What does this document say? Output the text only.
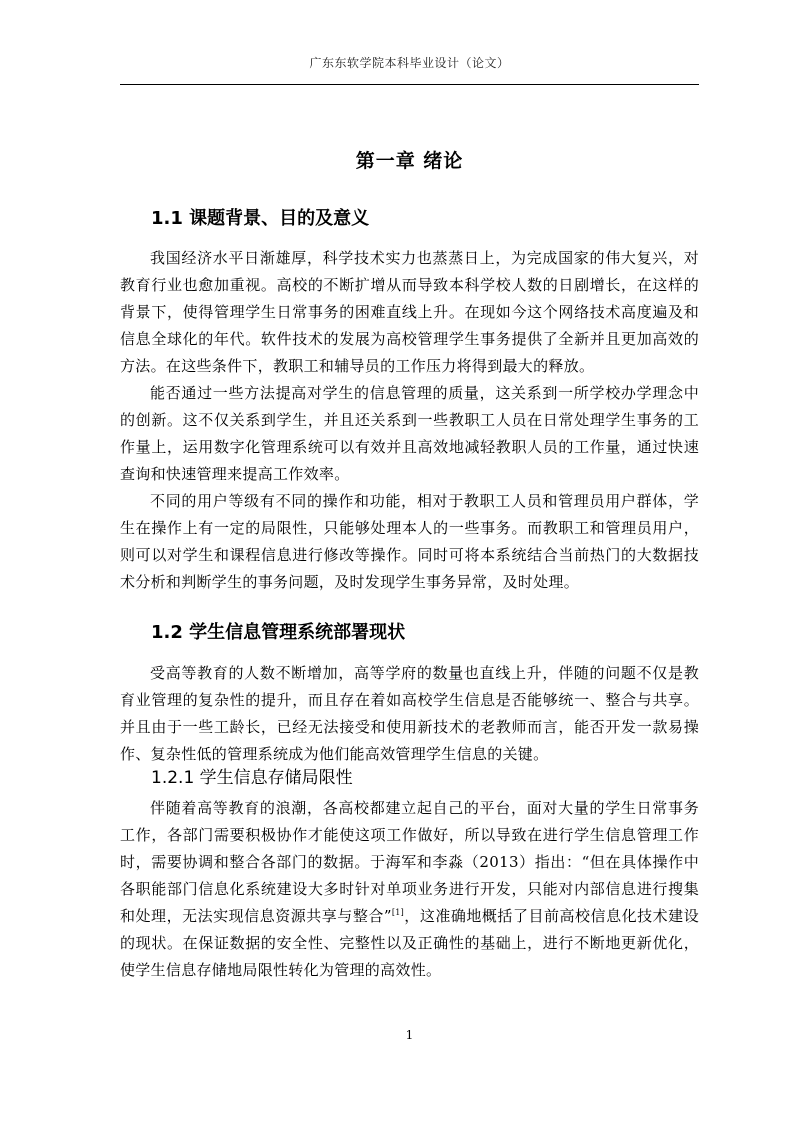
广东东软学院本科毕业设计（论文）
第一章 绪论
1.1 课题背景、目的及意义

我国经济水平日渐雄厚，科学技术实力也蒸蒸日上，为完成国家的伟大复兴，对教育行业也愈加重视。高校的不断扩增从而导致本科学校人数的日剧增长，在这样的背景下，使得管理学生日常事务的困难直线上升。在现如今这个网络技术高度遍及和信息全球化的年代。软件技术的发展为高校管理学生事务提供了全新并且更加高效的方法。在这些条件下，教职工和辅导员的工作压力将得到最大的释放。

能否通过一些方法提高对学生的信息管理的质量，这关系到一所学校办学理念中的创新。这不仅关系到学生，并且还关系到一些教职工人员在日常处理学生事务的工作量上，运用数字化管理系统可以有效并且高效地减轻教职人员的工作量，通过快速查询和快速管理来提高工作效率。

不同的用户等级有不同的操作和功能，相对于教职工人员和管理员用户群体，学生在操作上有一定的局限性，只能够处理本人的一些事务。而教职工和管理员用户，则可以对学生和课程信息进行修改等操作。同时可将本系统结合当前热门的大数据技术分析和判断学生的事务问题，及时发现学生事务异常，及时处理。

1.2 学生信息管理系统部署现状

受高等教育的人数不断增加，高等学府的数量也直线上升，伴随的问题不仅是教育业管理的复杂性的提升，而且存在着如高校学生信息是否能够统一、整合与共享。并且由于一些工龄长，已经无法接受和使用新技术的老教师而言，能否开发一款易操作、复杂性低的管理系统成为他们能高效管理学生信息的关键。

1.2.1 学生信息存储局限性

伴随着高等教育的浪潮，各高校都建立起自己的平台，面对大量的学生日常事务工作，各部门需要积极协作才能使这项工作做好，所以导致在进行学生信息管理工作时，需要协调和整合各部门的数据。于海军和李淼（2013）指出：“但在具体操作中各职能部门信息化系统建设大多时针对单项业务进行开发，只能对内部信息进行搜集和处理，无法实现信息资源共享与整合”[1]，这准确地概括了目前高校信息化技术建设的现状。在保证数据的安全性、完整性以及正确性的基础上，进行不断地更新优化，使学生信息存储地局限性转化为管理的高效性。

1
